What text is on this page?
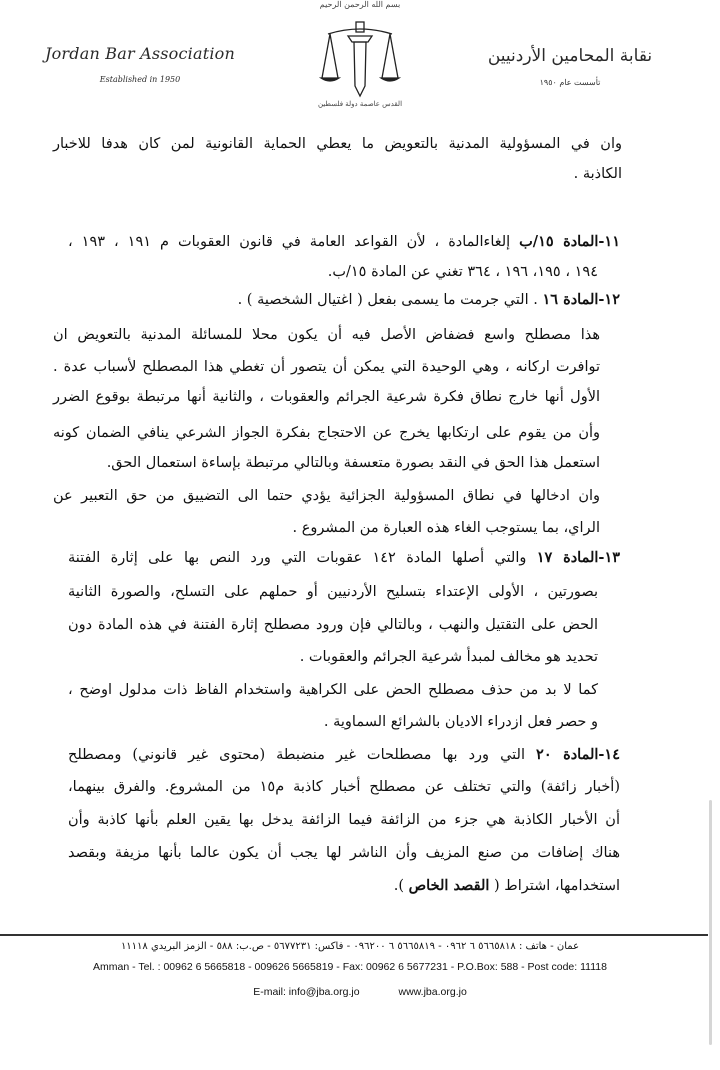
Jordan Bar Association
Established in 1950
بسم الله الرحمن الرحيم
القدس عاصمة دولة فلسطين
نقابة المحامين الأردنيين
تأسست عام ١٩٥٠
وان في المسؤولية المدنية بالتعويض ما يعطي الحماية القانونية لمن كان هدفا للاخبار
الكاذبة .
١١-المادة ١٥/ب إلغاءالمادة ، لأن القواعد العامة في قانون العقوبات م ١٩١ ، ١٩٣ ،
١٩٤ ، ١٩٥، ١٩٦ ، ٣٦٤ تغني عن المادة ١٥/ب.
١٢-المادة ١٦ . التي جرمت ما يسمى بفعل ( اغتيال الشخصية ) .
هذا مصطلح واسع فضفاض الأصل فيه أن يكون محلا للمسائلة المدنية بالتعويض ان
توافرت اركانه ، وهي الوحيدة التي يمكن أن يتصور أن تغطي هذا المصطلح لأسباب عدة .
الأول أنها خارج نطاق فكرة شرعية الجرائم والعقوبات ، والثانية أنها مرتبطة بوقوع الضرر
وأن من يقوم على ارتكابها يخرج عن الاحتجاج بفكرة الجواز الشرعي ينافي الضمان كونه
استعمل هذا الحق في النقد بصورة متعسفة وبالتالي مرتبطة بإساءة استعمال الحق.
وان ادخالها في نطاق المسؤولية الجزائية يؤدي حتما الى التضييق من حق التعبير عن
الراي، بما يستوجب الغاء هذه العبارة من المشروع .
١٣-المادة ١٧ والتي أصلها المادة ١٤٢ عقوبات التي ورد النص بها على إثارة الفتنة
بصورتين ، الأولى الإعتداء بتسليح الأردنيين أو حملهم على التسلح، والصورة الثانية
الحض على التقتيل والنهب ، وبالتالي فإن ورود مصطلح إثارة الفتنة في هذه المادة دون
تحديد هو مخالف لمبدأ شرعية الجرائم والعقوبات .
كما لا بد من حذف مصطلح الحض على الكراهية واستخدام الفاظ ذات مدلول اوضح ،
و حصر فعل ازدراء الاديان بالشرائع السماوية .
١٤-المادة ٢٠ التي ورد بها مصطلحات غير منضبطة (محتوى غير قانوني) ومصطلح
(أخبار زائفة) والتي تختلف عن مصطلح أخبار كاذبة م١٥ من المشروع. والفرق بينهما،
أن الأخبار الكاذبة هي جزء من الزائفة فيما الزائفة يدخل بها يقين العلم بأنها كاذبة وأن
هناك إضافات من صنع المزيف وأن الناشر لها يجب أن يكون عالما بأنها مزيفة وبقصد
استخدامها، اشتراط ( القصد الخاص ).
عمان - هاتف : ٥٦٦٥٨١٨ ٦ ٠٩٦٢ - ٥٦٦٥٨١٩ ٦ ٠٩٦٢٠٠ - فاكس: ٥٦٧٧٢٣١ - ص.ب: ٥٨٨ - الزمز البريدي ١١١١٨
Amman - Tel. : 00962 6 5665818 - 009626 5665819 - Fax: 00962 6 5677231 - P.O.Box: 588 - Post code: 11118
E-mail: info@jba.org.jo	www.jba.org.jo
